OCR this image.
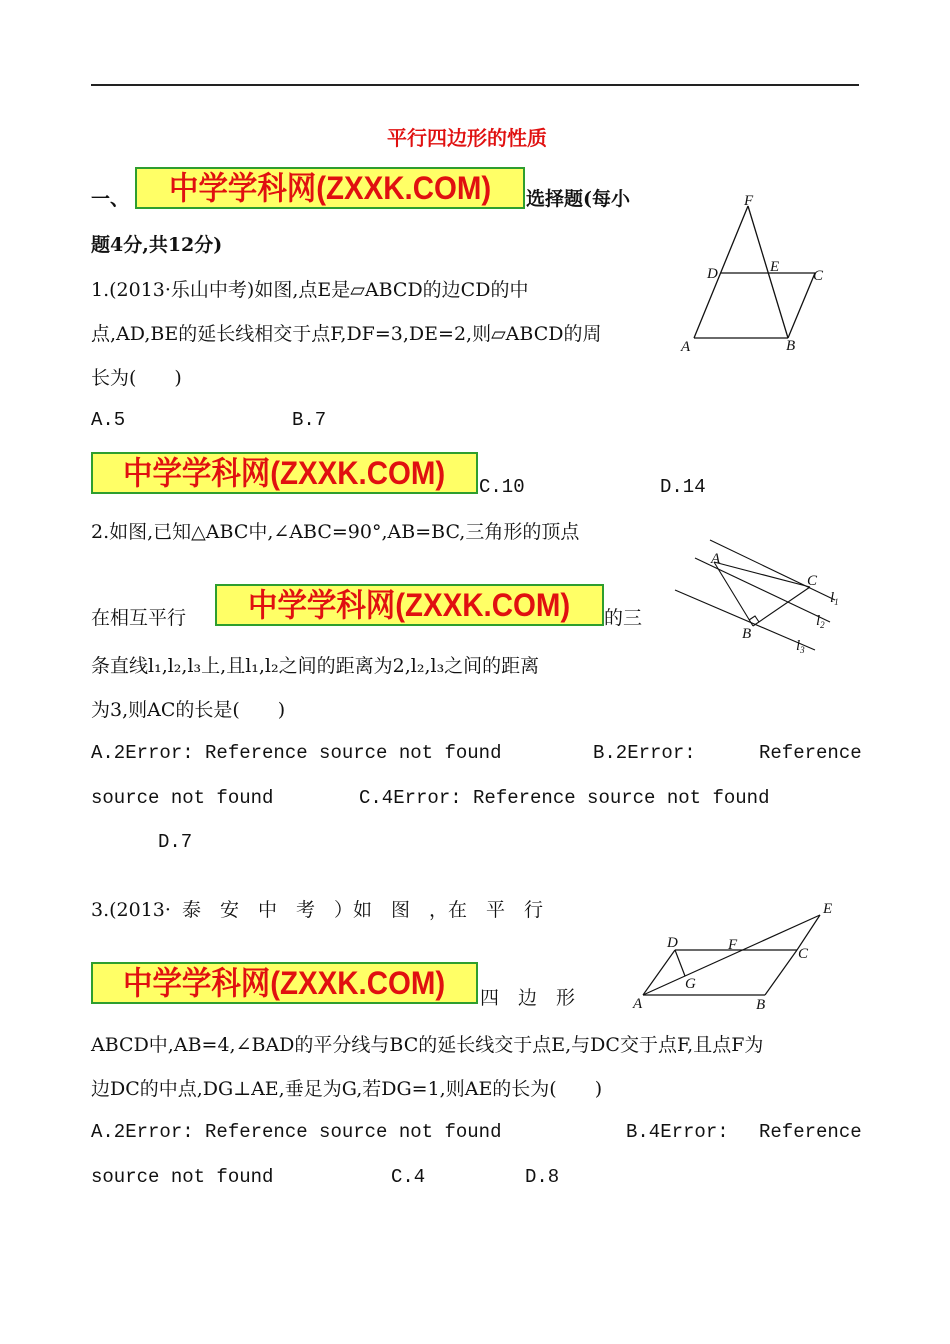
平行四边形的性质
一、	中学学科网(ZXXK.COM)	选择题(每小
题4分,共12分)
1.(2013·乐山中考)如图,点E是▱ABCD的边CD的中
点,AD,BE的延长线相交于点F,DF=3,DE=2,则▱ABCD的周
长为(　　)
A.5	B.7
中学学科网(ZXXK.COM)	C.10	D.14
F
D	E
C
A	B
2.如图,已知△ABC中,∠ABC=90°,AB=BC,三角形的顶点
在相互平行	中学学科网(ZXXK.COM)	的三
条直线l₁,l₂,l₃上,且l₁,l₂之间的距离为2,l₂,l₃之间的距离
为3,则AC的长是(　　)
A.2Error: Reference source not found	B.2Error:	Reference
source not found	C.4Error: Reference source not found
D.7
A
B
C
$l_1$
$l_2$
$l_3$
3.(2013· 泰　安　中　考　）如　图　，在　平　行
中学学科网(ZXXK.COM)	四　边　形
ABCD中,AB=4,∠BAD的平分线与BC的延长线交于点E,与DC交于点F,且点F为
边DC的中点,DG⊥AE,垂足为G,若DG=1,则AE的长为(　　)
A.2Error: Reference source not found	B.4Error: Reference
source not found	C.4	D.8
E
D	F
C
G
A	B
